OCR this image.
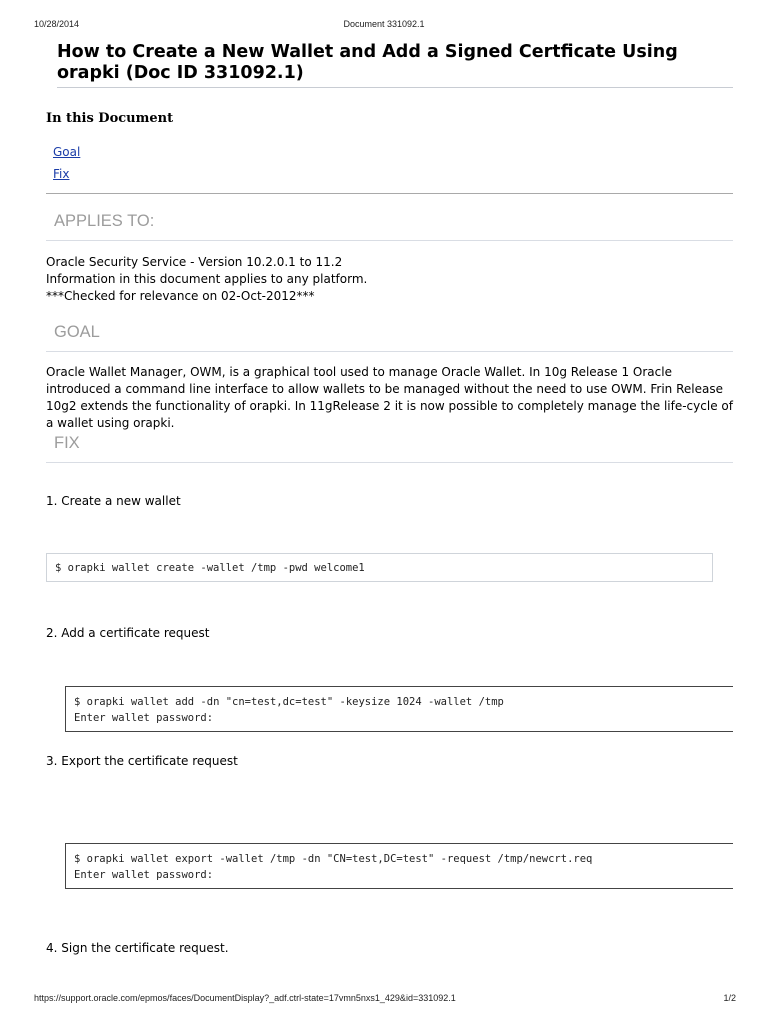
10/28/2014	Document 331092.1
How to Create a New Wallet and Add a Signed Certficate Using orapki (Doc ID 331092.1)
In this Document
Goal
Fix
APPLIES TO:
Oracle Security Service - Version 10.2.0.1 to 11.2
Information in this document applies to any platform.
***Checked for relevance on 02-Oct-2012***
GOAL
Oracle Wallet Manager, OWM, is a graphical tool used to manage Oracle Wallet. In 10g Release 1 Oracle introduced a command line interface to allow wallets to be managed without the need to use OWM. Frin Release 10g2 extends the functionality of orapki. In 11gRelease 2 it is now possible to completely manage the life-cycle of a wallet using orapki.
FIX
1. Create a new wallet
$ orapki wallet create -wallet /tmp -pwd welcome1
2. Add a certificate request
$ orapki wallet add -dn "cn=test,dc=test" -keysize 1024 -wallet /tmp
Enter wallet password:
3. Export the certificate request
$ orapki wallet export -wallet /tmp -dn "CN=test,DC=test" -request /tmp/newcrt.req
Enter wallet password:
4. Sign the certificate request.
https://support.oracle.com/epmos/faces/DocumentDisplay?_adf.ctrl-state=17vmn5nxs1_429&id=331092.1	1/2
